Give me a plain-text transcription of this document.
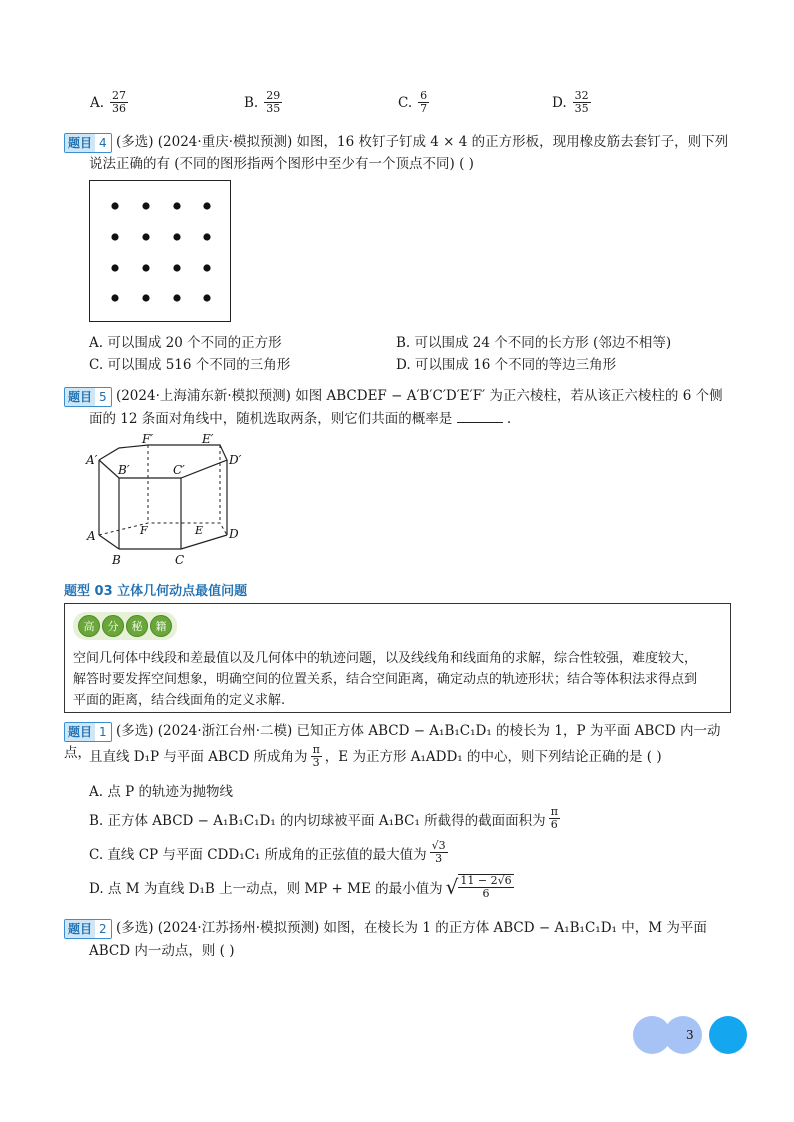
A. $\frac{27}{36}$	B. $\frac{29}{35}$	C. $\frac{6}{7}$	D. $\frac{32}{35}$
题目 4 (多选) (2024·重庆·模拟预测) 如图，16 枚钉子钉成 4 × 4 的正方形板，现用橡皮筋去套钉子，则下列
说法正确的有 (不同的图形指两个图形中至少有一个顶点不同) ( )
A. 可以围成 20 个不同的正方形	B. 可以围成 24 个不同的长方形 (邻边不相等)
C. 可以围成 516 个不同的三角形	D. 可以围成 16 个不同的等边三角形
题目 5 (2024·上海浦东新·模拟预测) 如图 ABCDEF − A′B′C′D′E′F′ 为正六棱柱，若从该正六棱柱的 6 个侧
面的 12 条面对角线中，随机选取两条，则它们共面的概率是	.
F′	E′
A′
B′	C′
D′
A
B	C
D
E
F
题型 03 立体几何动点最值问题
高	分	秘	籍
空间几何体中线段和差最值以及几何体中的轨迹问题，以及线线角和线面角的求解，综合性较强，难度较大，
解答时要发挥空间想象，明确空间的位置关系，结合空间距离，确定动点的轨迹形状；结合等体积法求得点到
平面的距离，结合线面角的定义求解.
题目 1 (多选) (2024·浙江台州·二模) 已知正方体 ABCD − A₁B₁C₁D₁ 的棱长为 1，P 为平面 ABCD 内一动点，
且直线 D₁P 与平面 ABCD 所成角为 $\frac{\pi}{3}$ ，E 为正方形 A₁ADD₁ 的中心，则下列结论正确的是 ( )
A. 点 P 的轨迹为抛物线
B. 正方体 ABCD − A₁B₁C₁D₁ 的内切球被平面 A₁BC₁ 所截得的截面面积为 $\frac{\pi}{6}$
C. 直线 CP 与平面 CDD₁C₁ 所成角的正弦值的最大值为 $\frac{√3}{3}$
D. 点 M 为直线 D₁B 上一动点，则 MP + ME 的最小值为 √ $\frac{11 - 2√6}{6}$
题目 2 (多选) (2024·江苏扬州·模拟预测) 如图，在棱长为 1 的正方体 ABCD − A₁B₁C₁D₁ 中，M 为平面
ABCD 内一动点，则 ( )
3
